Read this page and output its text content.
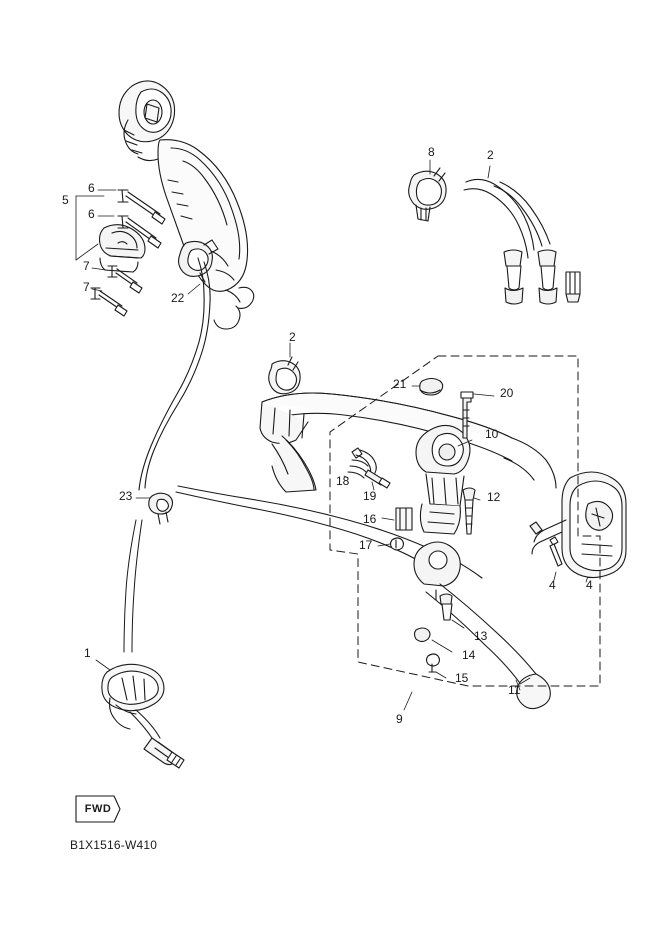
1
2
2
4	4
5
6
6
7
7
8
9
10
11
12
13
14
15
16
17
18
19
20
21
22
23
FWD
B1X1516-W410
